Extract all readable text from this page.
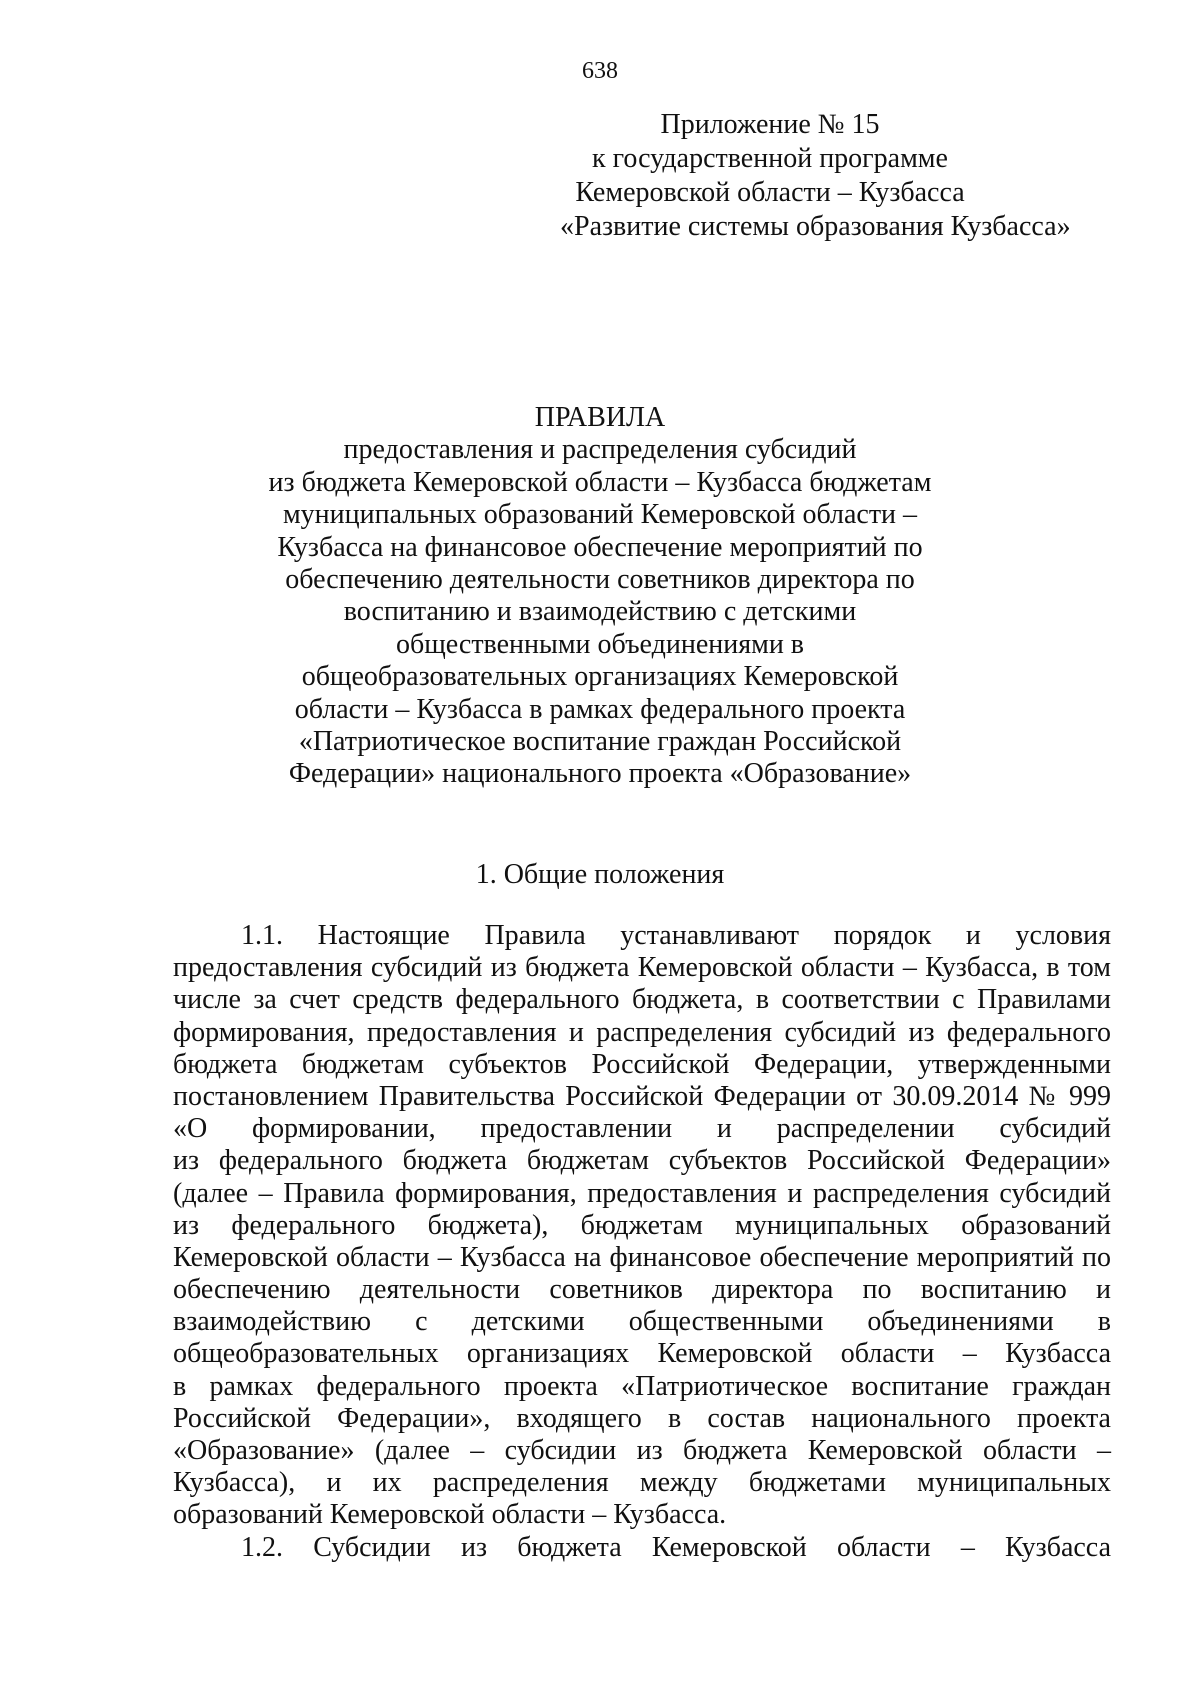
638
Приложение № 15
к государственной программе
Кемеровской области – Кузбасса
«Развитие системы образования Кузбасса»
ПРАВИЛА
предоставления и распределения субсидий
из бюджета Кемеровской области – Кузбасса бюджетам
муниципальных образований Кемеровской области –
Кузбасса на финансовое обеспечение мероприятий по
обеспечению деятельности советников директора по
воспитанию и взаимодействию с детскими
общественными объединениями в
общеобразовательных организациях Кемеровской
области – Кузбасса в рамках федерального проекта
«Патриотическое воспитание граждан Российской
Федерации» национального проекта «Образование»
1. Общие положения
1.1. Настоящие Правила устанавливают порядок и условия
предоставления субсидий из бюджета Кемеровской области – Кузбасса, в том
числе за счет средств федерального бюджета, в соответствии с Правилами
формирования, предоставления и распределения субсидий из федерального
бюджета бюджетам субъектов Российской Федерации, утвержденными
постановлением Правительства Российской Федерации от 30.09.2014 № 999
«О формировании, предоставлении и распределении субсидий
из федерального бюджета бюджетам субъектов Российской Федерации»
(далее – Правила формирования, предоставления и распределения субсидий
из федерального бюджета), бюджетам муниципальных образований
Кемеровской области – Кузбасса на финансовое обеспечение мероприятий по
обеспечению деятельности советников директора по воспитанию и
взаимодействию с детскими общественными объединениями в
общеобразовательных организациях Кемеровской области – Кузбасса
в рамках федерального проекта «Патриотическое воспитание граждан
Российской Федерации», входящего в состав национального проекта
«Образование» (далее – субсидии из бюджета Кемеровской области –
Кузбасса), и их распределения между бюджетами муниципальных
образований Кемеровской области – Кузбасса.
1.2. Субсидии из бюджета Кемеровской области – Кузбасса
